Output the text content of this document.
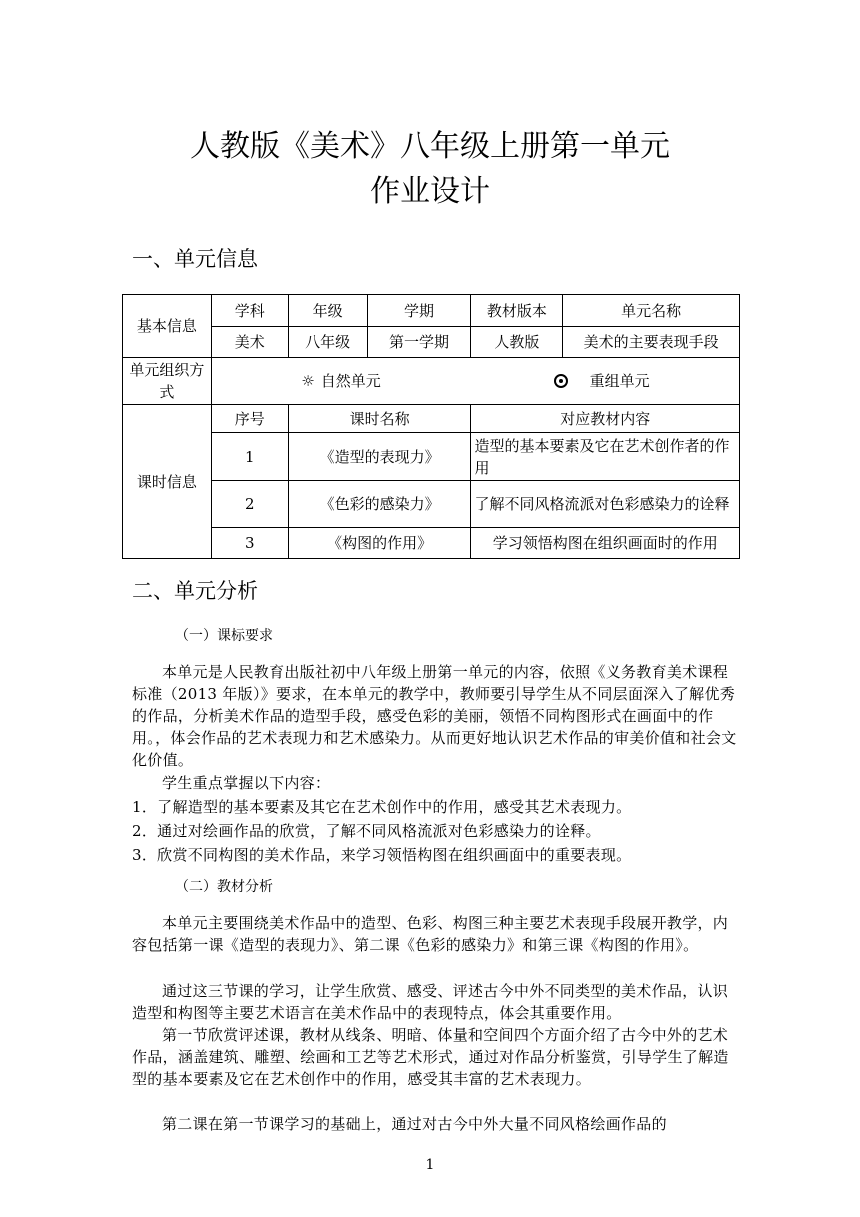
人教版《美术》八年级上册第一单元
作业设计
一、单元信息
基本信息	学科	年级	学期	教材版本	单元名称
	美术	八年级	第一学期	人教版	美术的主要表现手段
单元组织方式	☼ 自然单元 重组单元				

课时信息	序号	课时名称		对应教材内容	
	1	《造型的表现力》		造型的基本要素及它在艺术创作者的作用	
	2	《色彩的感染力》		了解不同风格流派对色彩感染力的诠释	
	3	《构图的作用》		学习领悟构图在组织画面时的作用	
二、单元分析
（一）课标要求
本单元是人民教育出版社初中八年级上册第一单元的内容，依照《义务教育美术课程标准（2013 年版）》要求，在本单元的教学中，教师要引导学生从不同层面深入了解优秀的作品，分析美术作品的造型手段，感受色彩的美丽，领悟不同构图形式在画面中的作用。，体会作品的艺术表现力和艺术感染力。从而更好地认识艺术作品的审美价值和社会文化价值。
学生重点掌握以下内容：
1．了解造型的基本要素及其它在艺术创作中的作用，感受其艺术表现力。
2．通过对绘画作品的欣赏，了解不同风格流派对色彩感染力的诠释。
3．欣赏不同构图的美术作品，来学习领悟构图在组织画面中的重要表现。
（二）教材分析
本单元主要围绕美术作品中的造型、色彩、构图三种主要艺术表现手段展开教学，内容包括第一课《造型的表现力》、第二课《色彩的感染力》和第三课《构图的作用》。
通过这三节课的学习，让学生欣赏、感受、评述古今中外不同类型的美术作品，认识造型和构图等主要艺术语言在美术作品中的表现特点，体会其重要作用。
第一节欣赏评述课，教材从线条、明暗、体量和空间四个方面介绍了古今中外的艺术作品，涵盖建筑、雕塑、绘画和工艺等艺术形式，通过对作品分析鉴赏，引导学生了解造型的基本要素及它在艺术创作中的作用，感受其丰富的艺术表现力。
第二课在第一节课学习的基础上，通过对古今中外大量不同风格绘画作品的
1
